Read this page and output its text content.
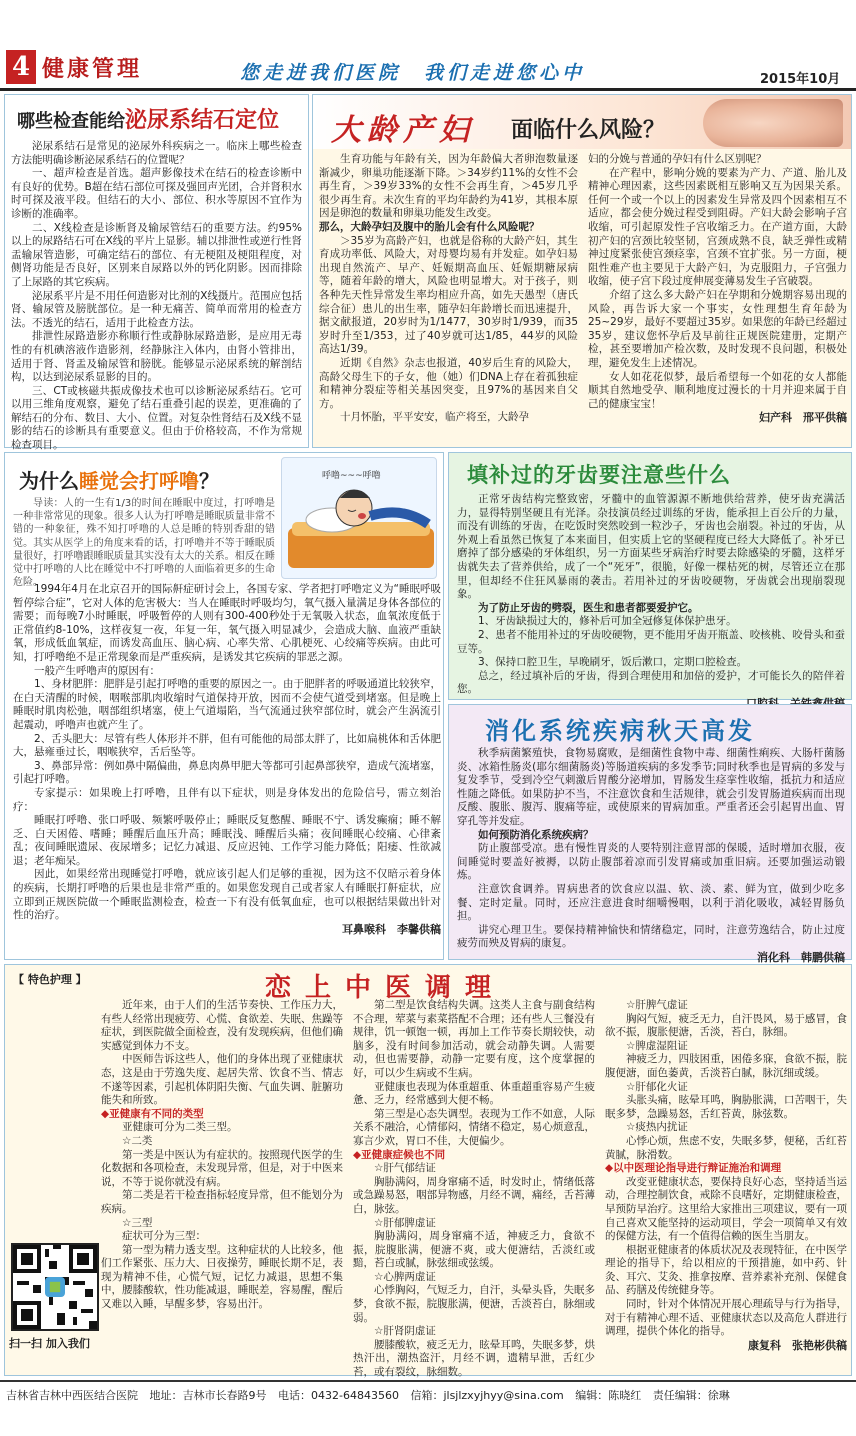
4 健康管理	您走进我们医院　我们走进您心中	2015年10月
哪些检查能给泌尿系结石定位

泌尿系结石是常见的泌尿外科疾病之一。临床上哪些检查方法能明确诊断泌尿系结石的位置呢？

一、超声检查是首选。超声影像技术在结石的检查诊断中有良好的优势。B超在结石部位可探及强回声光团，合并肾积水时可探及液平段。但结石的大小、部位、积水等原因不宜作为诊断的准确率。

二、X线检查是诊断肾及输尿管结石的重要方法。约95%以上的尿路结石可在X线的平片上显影。辅以排泄性或逆行性肾盂输尿管造影，可确定结石的部位、有无梗阻及梗阻程度，对侧肾功能是否良好，区别来自尿路以外的钙化阴影。因而排除了上尿路的其它疾病。

泌尿系平片是不用任何造影对比剂的X线摄片。范围应包括肾、输尿管及膀胱部位。是一种无痛苦、简单而常用的检查方法。不透光的结石，适用于此检查方法。

排泄性尿路造影亦称顺行性或静脉尿路造影，是应用无毒性的有机碘溶液作造影剂，经静脉注入体内，由肾小管排出，适用于肾、肾盂及输尿管和膀胱。能够显示泌尿系统的解剖结构，以达到泌尿系显影的目的。

三、CT或核磁共振成像技术也可以诊断泌尿系结石。它可以用三维角度观察，避免了结石重叠引起的误差，更准确的了解结石的分布、数目、大小、位置。对复杂性肾结石及X线不显影的结石的诊断具有重要意义。但由于价格较高，不作为常规检查项目。

大龄产妇 面临什么风险？

生育功能与年龄有关，因为年龄偏大者卵泡数量逐渐减少，卵巢功能逐渐下降。＞34岁约11%的女性不会再生育，＞39岁33%的女性不会再生育，＞45岁几乎很少再生育。未次生育的平均年龄约为41岁，其根本原因是卵泡的数量和卵巢功能发生改变。

那么，大龄孕妇及腹中的胎儿会有什么风险呢？

＞35岁为高龄产妇，也就是俗称的大龄产妇，其生育成功率低、风险大，对母婴均易有并发症。如孕妇易出现自然流产、早产、妊娠期高血压、妊娠期糖尿病等，随着年龄的增大，风险也明显增大。对于孩子，则各种先天性异常发生率均相应升高，如先天愚型（唐氏综合征）患儿的出生率，随孕妇年龄增长而迅速提升，据文献报道，20岁时为1/1477，30岁时1/939，而35岁时升至1/353，过了40岁就可达1/85，44岁的风险高达1/39。

近期《自然》杂志也报道，40岁后生育的风险大，高龄父母生下的子女，他（她）们DNA上存在着孤独症和精神分裂症等相关基因突变，且97%的基因来自父方。

十月怀胎，平平安安，临产将至，大龄孕

妇的分娩与普通的孕妇有什么区别呢？

在产程中，影响分娩的要素为产力、产道、胎儿及精神心理因素，这些因素既相互影响又互为因果关系。任何一个或一个以上的因素发生异常及四个因素相互不适应，都会使分娩过程受到阻碍。产妇大龄会影响子宫收缩，可引起原发性子宫收缩乏力。在产道方面，大龄初产妇的宫颈比较坚韧，宫颈成熟不良，缺乏弹性或精神过度紧张使宫颈痉挛，宫颈不宜扩张。另一方面，梗阻性难产也主要见于大龄产妇，为克服阻力，子宫强力收缩，使子宫下段过度伸展变薄易发生子宫破裂。

介绍了这么多大龄产妇在孕期和分娩期容易出现的风险，再告诉大家一个事实，女性理想生育年龄为25~29岁，最好不要超过35岁。如果您的年龄已经超过35岁，建议您怀孕后及早前往正规医院建册，定期产检，甚至要增加产检次数，及时发现不良问题，积极处理，避免发生上述情况。

女人如花花似梦，最后希望每一个如花的女人都能顺其自然地受孕、顺利地度过漫长的十月并迎来属于自己的健康宝宝！

妇产科　邢平供稿

为什么睡觉会打呼噜？
导读：人的一生有1/3的时间在睡眠中度过，打呼噜是一种非常常见的现象。很多人认为打呼噜是睡眠质量非常不错的一种象征，殊不知打呼噜的人总是睡的特别香甜的错觉。其实从医学上的角度来看的话，打呼噜并不等于睡眠质量很好，打呼噜跟睡眠质量其实没有太大的关系。相反在睡觉中打呼噜的人比在睡觉中不打呼噜的人面临着更多的生命危险。
呼噜~~~呼噜

1994年4月在北京召开的国际鼾症研讨会上，各国专家、学者把打呼噜定义为“睡眠呼吸暂停综合症”，它对人体的危害极大：当人在睡眠时呼吸均匀，氧气摄入量满足身体各部位的需要；而每晚7小时睡眠，呼吸暂停的人则有300-400秒处于无氧吸入状态，血氧浓度低于正常值约8-10%，这样夜复一夜，年复一年，氧气摄入明显减少，会造成大脑、血液严重缺氧，形成低血氧症，而诱发高血压、脑心病、心率失常、心肌梗死、心绞痛等疾病。由此可知，打呼噜绝不是正常现象而是严重疾病，是诱发其它疾病的罪恶之源。

一般产生呼噜声的原因有：

1、身材肥胖：肥胖是引起打呼噜的重要的原因之一。由于肥胖者的呼吸通道比较狭窄，在白天清醒的时候，咽喉部肌肉收缩时气道保持开放，因而不会使气道受到堵塞。但是晚上睡眠时肌肉松弛，咽部组织堵塞，使上气道塌陷，当气流通过狭窄部位时，就会产生涡流引起震动，呼噜声也就产生了。

2、舌头肥大：尽管有些人体形并不胖，但有可能他的局部太胖了，比如扁桃体和舌体肥大，悬雍垂过长，咽喉狭窄，舌后坠等。

3、鼻部异常：例如鼻中隔偏曲，鼻息肉鼻甲肥大等都可引起鼻部狭窄，造成气流堵塞，引起打呼噜。

专家提示：如果晚上打呼噜，且伴有以下症状，则是身体发出的危险信号，需立刻治疗：

睡眠打呼噜、张口呼吸、频繁呼吸停止；睡眠反复憋醒、睡眠不宁、诱发癫痫；睡不解乏、白天困倦、嗜睡；睡醒后血压升高；睡眠浅、睡醒后头痛；夜间睡眠心绞痛、心律紊乱；夜间睡眠遗尿、夜尿增多；记忆力减退、反应迟钝、工作学习能力降低；阳痿、性欲减退；老年痴呆。

因此，如果经常出现睡觉打呼噜，就应该引起人们足够的重视，因为这不仅暗示着身体的疾病，长期打呼噜的后果也是非常严重的。如果您发现自己或者家人有睡眠打鼾症状，应立即到正规医院做一个睡眠监测检查，检查一下有没有低氧血症，也可以根据结果做出针对性的治疗。

耳鼻喉科　李馨供稿

填补过的牙齿要注意些什么

正常牙齿结构完整致密，牙髓中的血管源源不断地供给营养，使牙齿充满活力，显得特别坚硬且有光泽。杂技演员经过训练的牙齿，能承担上百公斤的力量，而没有训练的牙齿，在吃饭时突然咬到一粒沙子，牙齿也会崩裂。补过的牙齿，从外观上看虽然已恢复了本来面目，但实质上它的坚硬程度已经大大降低了。补牙已磨掉了部分感染的牙体组织，另一方面某些牙病治疗时要去除感染的牙髓，这样牙齿就失去了营养供给，成了一个“死牙”，很脆，好像一棵枯死的树，尽管还立在那里，但却经不住狂风暴雨的袭击。若用补过的牙齿咬硬物，牙齿就会出现崩裂现象。

为了防止牙齿的劈裂，医生和患者都要爱护它。

1、牙齿缺损过大的，修补后可加全冠修复体保护患牙。

2、患者不能用补过的牙齿咬硬物，更不能用牙齿开瓶盖、咬核桃、咬骨头和蚕豆等。

3、保持口腔卫生，早晚刷牙，饭后漱口，定期口腔检查。

总之，经过填补后的牙齿，得到合理使用和加倍的爱护，才可能长久的陪伴着您。

消化系统疾病秋天高发

秋季病菌繁殖快，食物易腐败，是细菌性食物中毒、细菌性痢疾、大肠杆菌肠炎、冰箱性肠炎(耶尔细菌肠炎)等肠道疾病的多发季节;同时秋季也是胃病的多发与复发季节，受到冷空气刺激后胃酸分泌增加，胃肠发生痉挛性收缩，抵抗力和适应性随之降低。如果防护不当，不注意饮食和生活规律，就会引发胃肠道疾病而出现反酸、腹胀、腹泻、腹痛等症，或使原来的胃病加重。严重者还会引起胃出血、胃穿孔等并发症。

如何预防消化系统疾病？

防止腹部受凉。患有慢性胃炎的人要特别注意胃部的保暖，适时增加衣服，夜间睡觉时要盖好被褥，以防止腹部着凉而引发胃痛或加重旧病。还要加强运动锻炼。

注意饮食调养。胃病患者的饮食应以温、软、淡、素、鲜为宜，做到少吃多餐、定时定量。同时，还应注意进食时细嚼慢咽，以利于消化吸收，减轻胃肠负担。

讲究心理卫生。要保持精神愉快和情绪稳定，同时，注意劳逸结合，防止过度疲劳而殃及胃病的康复。

消化科　韩鹏供稿

【 特色护理 】	恋上中医调理

近年来，由于人们的生活节奏快、工作压力大，有些人经常出现疲劳、心慌、食欲差、失眠、焦躁等症状，到医院做全面检查，没有发现疾病，但他们确实感觉到体力不支。

中医师告诉这些人，他们的身体出现了亚健康状态，这是由于劳逸失度、起居失常、饮食不当、情志不遂等因素，引起机体阴阳失衡、气血失调、脏腑功能失和所致。

◆亚健康有不同的类型

亚健康可分为二类三型。

☆二类

第一类是中医认为有症状的。按照现代医学的生化数据和各项检查，未发现异常，但是，对于中医来说，不等于说你就没有病。

第二类是若干检查指标轻度异常，但不能划分为疾病。

☆三型

症状可分为三型：

第一型为精力透支型。这种症状的人比较多，他们工作紧张、压力大、日夜操劳，睡眠长期不足，表现为精神不佳，心慌气短，记忆力减退，思想不集中，腰膝酸软，性功能减退，睡眠差，容易醒，醒后又难以入睡，早醒多梦，容易出汗。

第二型是饮食结构失调。这类人主食与副食结构不合理，荤菜与素菜搭配不合理；还有些人三餐没有规律，饥一顿饱一顿，再加上工作节奏长期较快，动脑多，没有时间参加活动，就会动静失调。人需要动，但也需要静，动静一定要有度，这个度掌握的好，可以少生病或不生病。

亚健康也表现为体重超重、体重超重容易产生疲惫、乏力，经常感到大便不畅。

第三型是心态失调型。表现为工作不如意，人际关系不融洽，心情郁闷，情绪不稳定，易心烦意乱，寡言少欢，胃口不佳，大便偏少。

◆亚健康症候也不同

☆肝气郁结证

胸胁满闷，周身窜痛不适，时发时止，情绪低落或急躁易怒，咽部异物感，月经不调，痛经，舌苔薄白，脉弦。

☆肝郁脾虚证

胸胁满闷，周身窜痛不适，神疲乏力，食欲不振，脘腹胀满，便溏不爽，或大便溏结，舌淡红或黯，苔白或腻，脉弦细或弦缓。

☆心脾两虚证

心悸胸闷，气短乏力，自汗，头晕头昏，失眠多梦，食欲不振，脘腹胀满，便溏，舌淡苔白，脉细或弱。

☆肝肾阴虚证

腰膝酸软，疲乏无力，眩晕耳鸣，失眠多梦，烘热汗出，潮热盗汗，月经不调，遗精早泄，舌红少苔，或有裂纹，脉细数。

☆肝脾气虚证

胸闷气短，疲乏无力，自汗畏风，易于感冒，食欲不振，腹胀便溏，舌淡，苔白，脉细。

☆脾虚湿阻证

神疲乏力，四肢困重，困倦多寐，食欲不振，脘腹便溏，面色萎黄，舌淡苔白腻，脉沉细或缓。

☆肝郁化火证

头胀头痛，眩晕耳鸣，胸胁胀满，口苦咽干，失眠多梦，急躁易怒，舌红苔黄，脉弦数。

☆痰热内扰证

心悸心烦，焦虑不安，失眠多梦，便秘，舌红苔黄腻，脉滑数。

◆以中医理论指导进行辩证施治和调理

改变亚健康状态，要保持良好心态，坚持适当运动，合理控制饮食，戒除不良嗜好，定期健康检查，早预防早治疗。这里给大家推出三项建议，要有一项自己喜欢又能坚持的运动项目，学会一项简单又有效的保健方法，有一个值得信赖的医生当朋友。

根据亚健康者的体质状况及表现特征，在中医学理论的指导下，给以相应的干预措施，如中药、针灸、耳穴、艾灸、推拿按摩、营养素补充剂、保健食品、药膳及传统健身等。

同时，针对个体情况开展心理疏导与行为指导，对于有精神心理不适、亚健康状态以及高危人群进行调理，提供个体化的指导。

康复科　张艳彬供稿

扫一扫 加入我们
吉林省吉林中西医结合医院 地址：吉林市长春路9号 电话：0432-64843560 信箱：jlsjlzxyjhyy@sina.com 编辑：陈晓红 责任编辑：徐琳
